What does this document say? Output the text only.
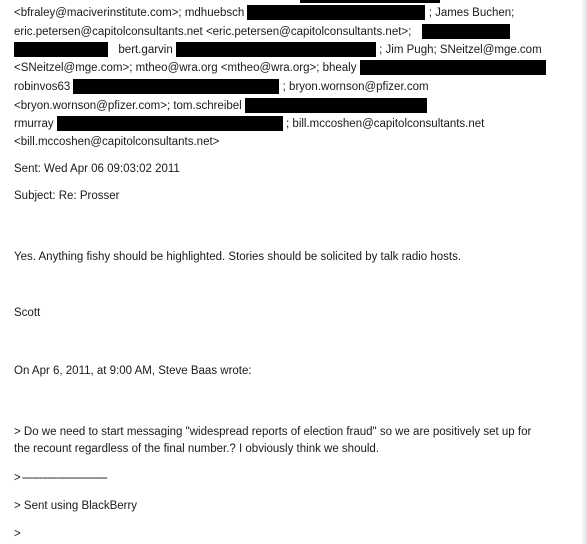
<bfraley@maciverinstitute.com>; mdhuebsch	; James Buchen;
eric.petersen@capitolconsultants.net <eric.petersen@capitolconsultants.net>;
bert.garvin	; Jim Pugh; SNeitzel@mge.com
<SNeitzel@mge.com>; mtheo@wra.org <mtheo@wra.org>; bhealy
robinvos63	; bryon.wornson@pfizer.com
<bryon.wornson@pfizer.com>; tom.schreibel
rmurray	; bill.mccoshen@capitolconsultants.net
<bill.mccoshen@capitolconsultants.net>
Sent: Wed Apr 06 09:03:02 2011
Subject: Re: Prosser
Yes. Anything fishy should be highlighted. Stories should be solicited by talk radio hosts.
Scott
On Apr 6, 2011, at 9:00 AM, Steve Baas wrote:
> Do we need to start messaging "widespread reports of election fraud" so we are positively set up for
the recount regardless of the final number.? I obviously think we should.
> ------------------------------
> Sent using BlackBerry
>
